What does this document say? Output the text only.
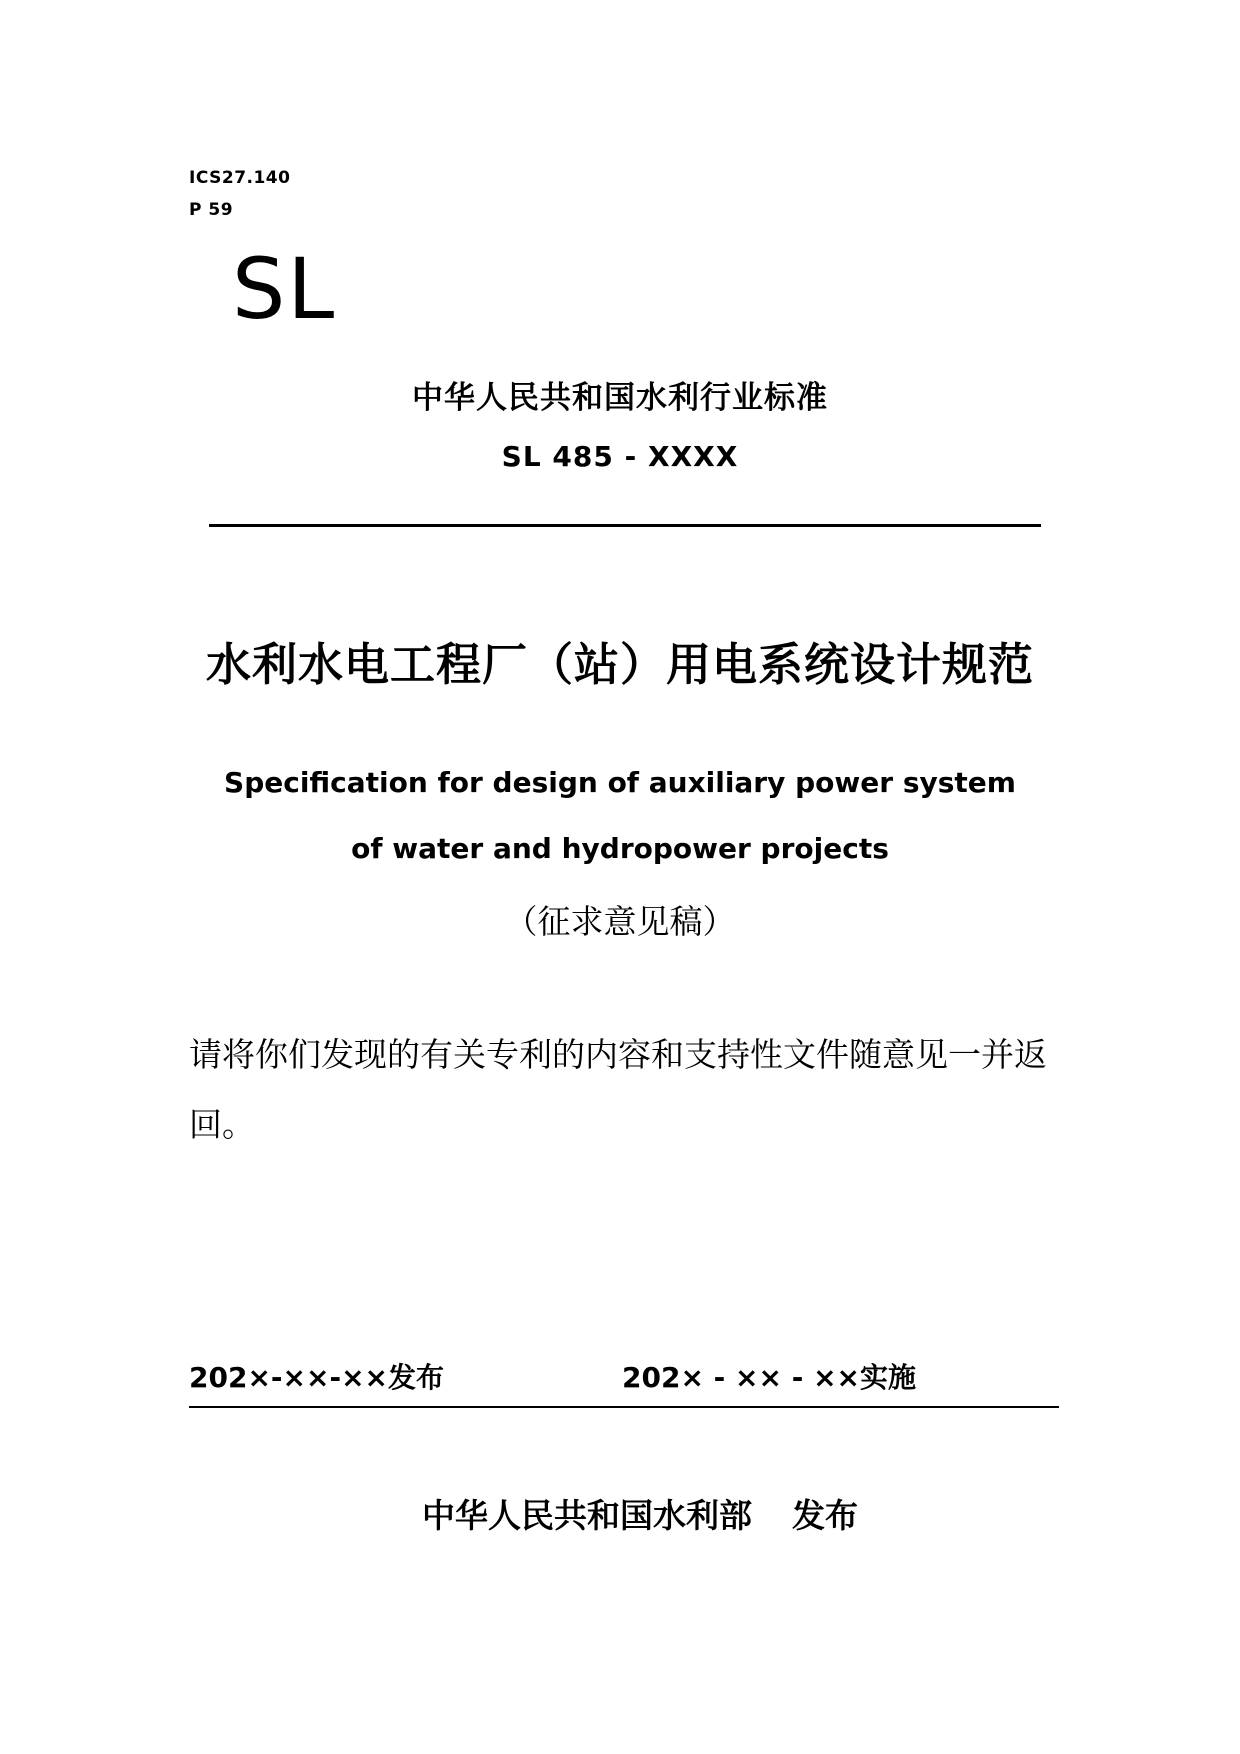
ICS27.140
P 59
SL
中华人民共和国水利行业标准
SL 485 - XXXX
水利水电工程厂（站）用电系统设计规范
Specification for design of auxiliary power system
of water and hydropower projects
（征求意见稿）
请将你们发现的有关专利的内容和支持性文件随意见一并返回。
202×-××-××发布	202× - ×× - ××实施
中华人民共和国水利部 发布
